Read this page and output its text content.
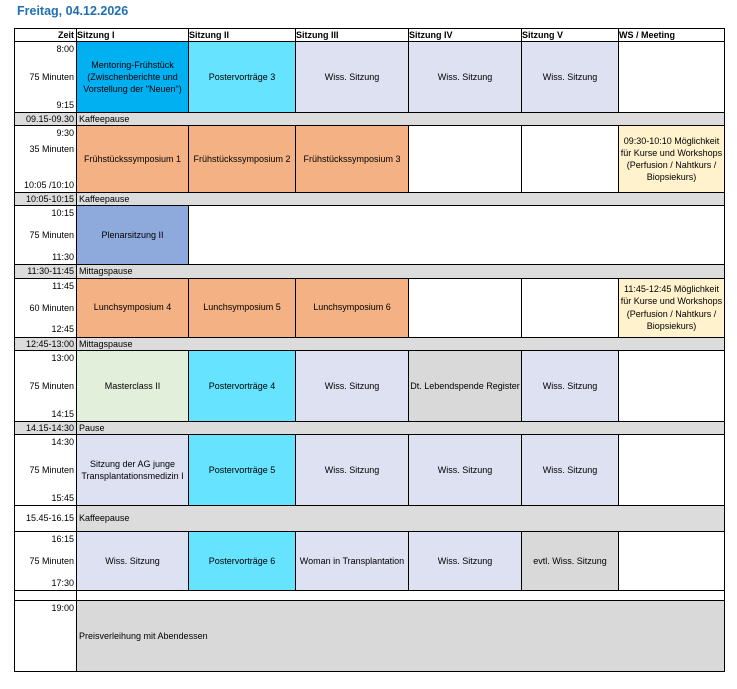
Freitag, 04.12.2026
Zeit	Sitzung I	Sitzung II	Sitzung III	Sitzung IV	Sitzung V	WS / Meeting

8:00
75 Minuten
9:15	Mentoring-Frühstück (Zwischenberichte und Vorstellung der "Neuen")	Postervorträge 3	Wiss. Sitzung	Wiss. Sitzung	Wiss. Sitzung	
09.15-09.30	Kaffeepause					

9:30
35 Minuten
10:05 /10:10	Frühstückssymposium 1	Frühstückssymposium 2	Frühstückssymposium 3			09:30-10:10 Möglichkeit für Kurse und Workshops (Perfusion / Nahtkurs / Biopsiekurs)
10:05-10:15	Kaffeepause					

10:15
75 Minuten
11:30	Plenarsitzung II					
11:30-11:45	Mittagspause					

11:45
60 Minuten
12:45	Lunchsymposium 4	Lunchsymposium 5	Lunchsymposium 6			11:45-12:45 Möglichkeit für Kurse und Workshops (Perfusion / Nahtkurs / Biopsiekurs)
12:45-13:00	Mittagspause					

13:00
75 Minuten
14:15	Masterclass II	Postervorträge 4	Wiss. Sitzung	Dt. Lebendspende Register	Wiss. Sitzung	
14.15-14:30	Pause					

14:30
75 Minuten
15:45	Sitzung der AG junge Transplantationsmedizin I	Postervorträge 5	Wiss. Sitzung	Wiss. Sitzung	Wiss. Sitzung	
15.45-16.15	Kaffeepause					

16:15
75 Minuten
17:30	Wiss. Sitzung	Postervorträge 6	Woman in Transplantation	Wiss. Sitzung	evtl. Wiss. Sitzung	

19:00	Preisverleihung mit Abendessen					
